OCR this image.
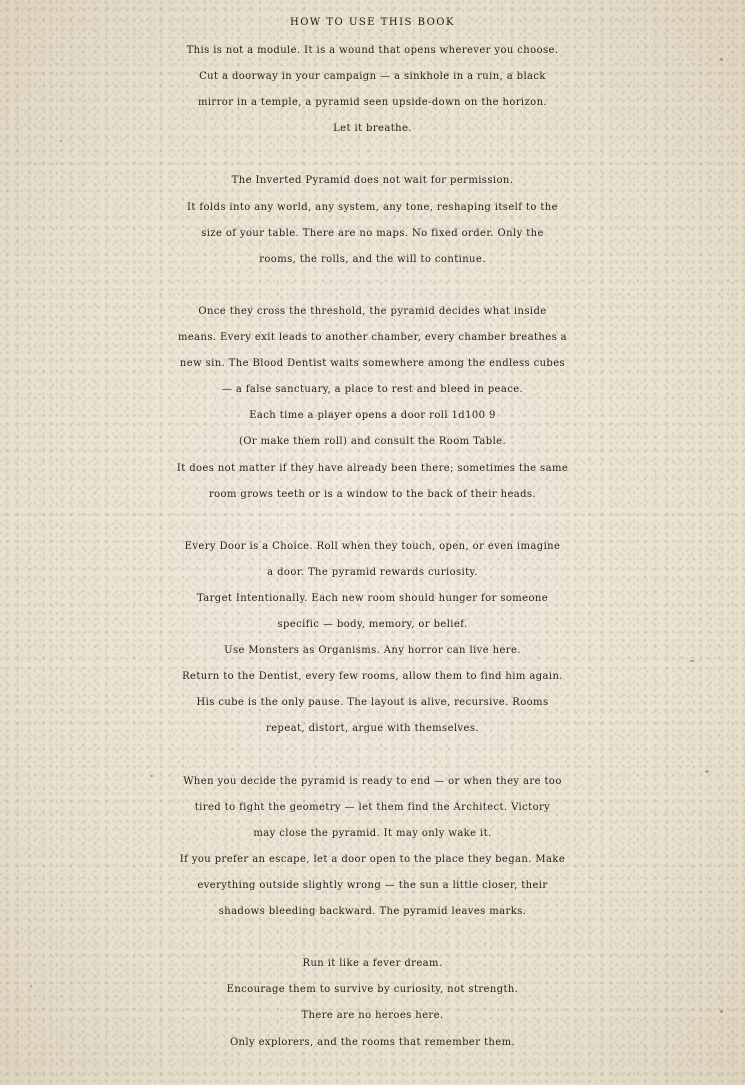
HOW TO USE THIS BOOK

This is not a module. It is a wound that opens wherever you choose.

Cut a doorway in your campaign — a sinkhole in a ruin, a black

mirror in a temple, a pyramid seen upside-down on the horizon.

Let it breathe.

The Inverted Pyramid does not wait for permission.

It folds into any world, any system, any tone, reshaping itself to the

size of your table. There are no maps. No fixed order. Only the

rooms, the rolls, and the will to continue.

Once they cross the threshold, the pyramid decides what inside

means. Every exit leads to another chamber, every chamber breathes a

new sin. The Blood Dentist waits somewhere among the endless cubes

— a false sanctuary, a place to rest and bleed in peace.

Each time a player opens a door roll 1d100 9

(Or make them roll) and consult the Room Table.

It does not matter if they have already been there; sometimes the same

room grows teeth or is a window to the back of their heads.

Every Door is a Choice. Roll when they touch, open, or even imagine

a door. The pyramid rewards curiosity.

Target Intentionally. Each new room should hunger for someone

specific — body, memory, or belief.

Use Monsters as Organisms. Any horror can live here.

Return to the Dentist, every few rooms, allow them to find him again.

His cube is the only pause. The layout is alive, recursive. Rooms

repeat, distort, argue with themselves.

When you decide the pyramid is ready to end — or when they are too

tired to fight the geometry — let them find the Architect. Victory

may close the pyramid. It may only wake it.

If you prefer an escape, let a door open to the place they began. Make

everything outside slightly wrong — the sun a little closer, their

shadows bleeding backward. The pyramid leaves marks.

Run it like a fever dream.

Encourage them to survive by curiosity, not strength.

There are no heroes here.

Only explorers, and the rooms that remember them.
